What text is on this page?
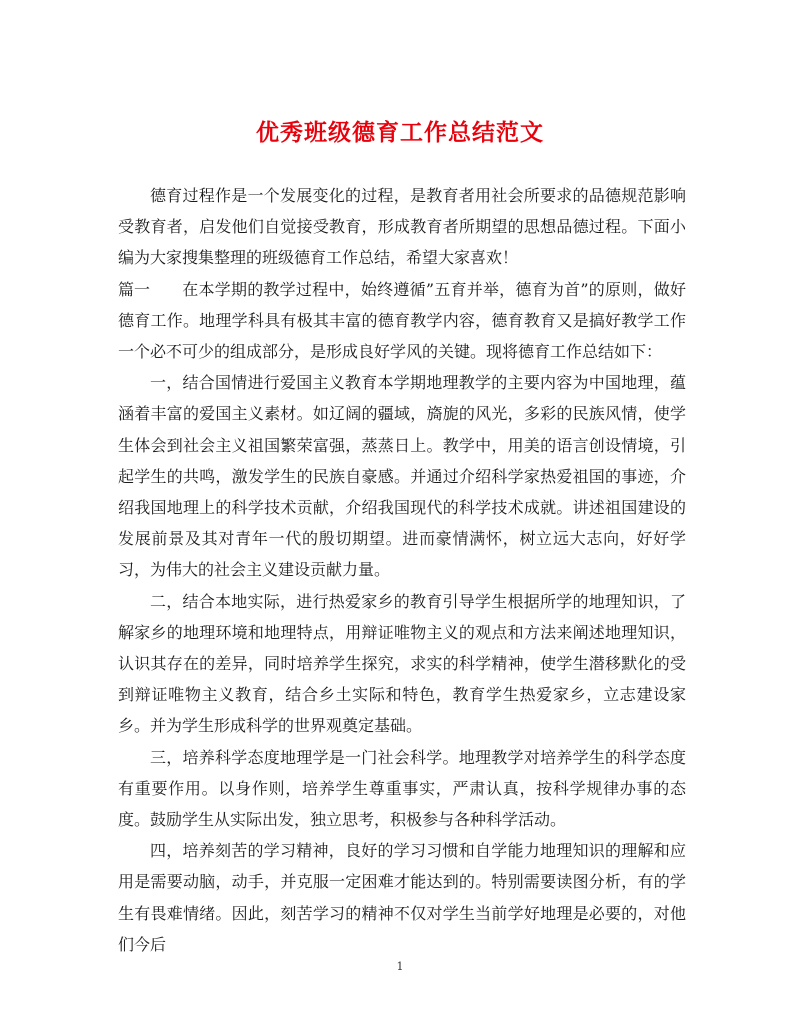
优秀班级德育工作总结范文

德育过程作是一个发展变化的过程，是教育者用社会所要求的品德规范影响受教育者，启发他们自觉接受教育，形成教育者所期望的思想品德过程。下面小编为大家搜集整理的班级德育工作总结，希望大家喜欢！

篇一 在本学期的教学过程中，始终遵循”五育并举，德育为首”的原则，做好德育工作。地理学科具有极其丰富的德育教学内容，德育教育又是搞好教学工作一个必不可少的组成部分，是形成良好学风的关键。现将德育工作总结如下：

一，结合国情进行爱国主义教育本学期地理教学的主要内容为中国地理，蕴涵着丰富的爱国主义素材。如辽阔的疆域，旖旎的风光，多彩的民族风情，使学生体会到社会主义祖国繁荣富强，蒸蒸日上。教学中，用美的语言创设情境，引起学生的共鸣，激发学生的民族自豪感。并通过介绍科学家热爱祖国的事迹，介绍我国地理上的科学技术贡献，介绍我国现代的科学技术成就。讲述祖国建设的发展前景及其对青年一代的殷切期望。进而豪情满怀，树立远大志向，好好学习，为伟大的社会主义建设贡献力量。

二，结合本地实际，进行热爱家乡的教育引导学生根据所学的地理知识，了解家乡的地理环境和地理特点，用辩证唯物主义的观点和方法来阐述地理知识，认识其存在的差异，同时培养学生探究，求实的科学精神，使学生潜移默化的受到辩证唯物主义教育，结合乡土实际和特色，教育学生热爱家乡，立志建设家乡。并为学生形成科学的世界观奠定基础。

三，培养科学态度地理学是一门社会科学。地理教学对培养学生的科学态度有重要作用。以身作则，培养学生尊重事实，严肃认真，按科学规律办事的态度。鼓励学生从实际出发，独立思考，积极参与各种科学活动。

四，培养刻苦的学习精神，良好的学习习惯和自学能力地理知识的理解和应用是需要动脑，动手，并克服一定困难才能达到的。特别需要读图分析，有的学生有畏难情绪。因此，刻苦学习的精神不仅对学生当前学好地理是必要的，对他们今后

1
